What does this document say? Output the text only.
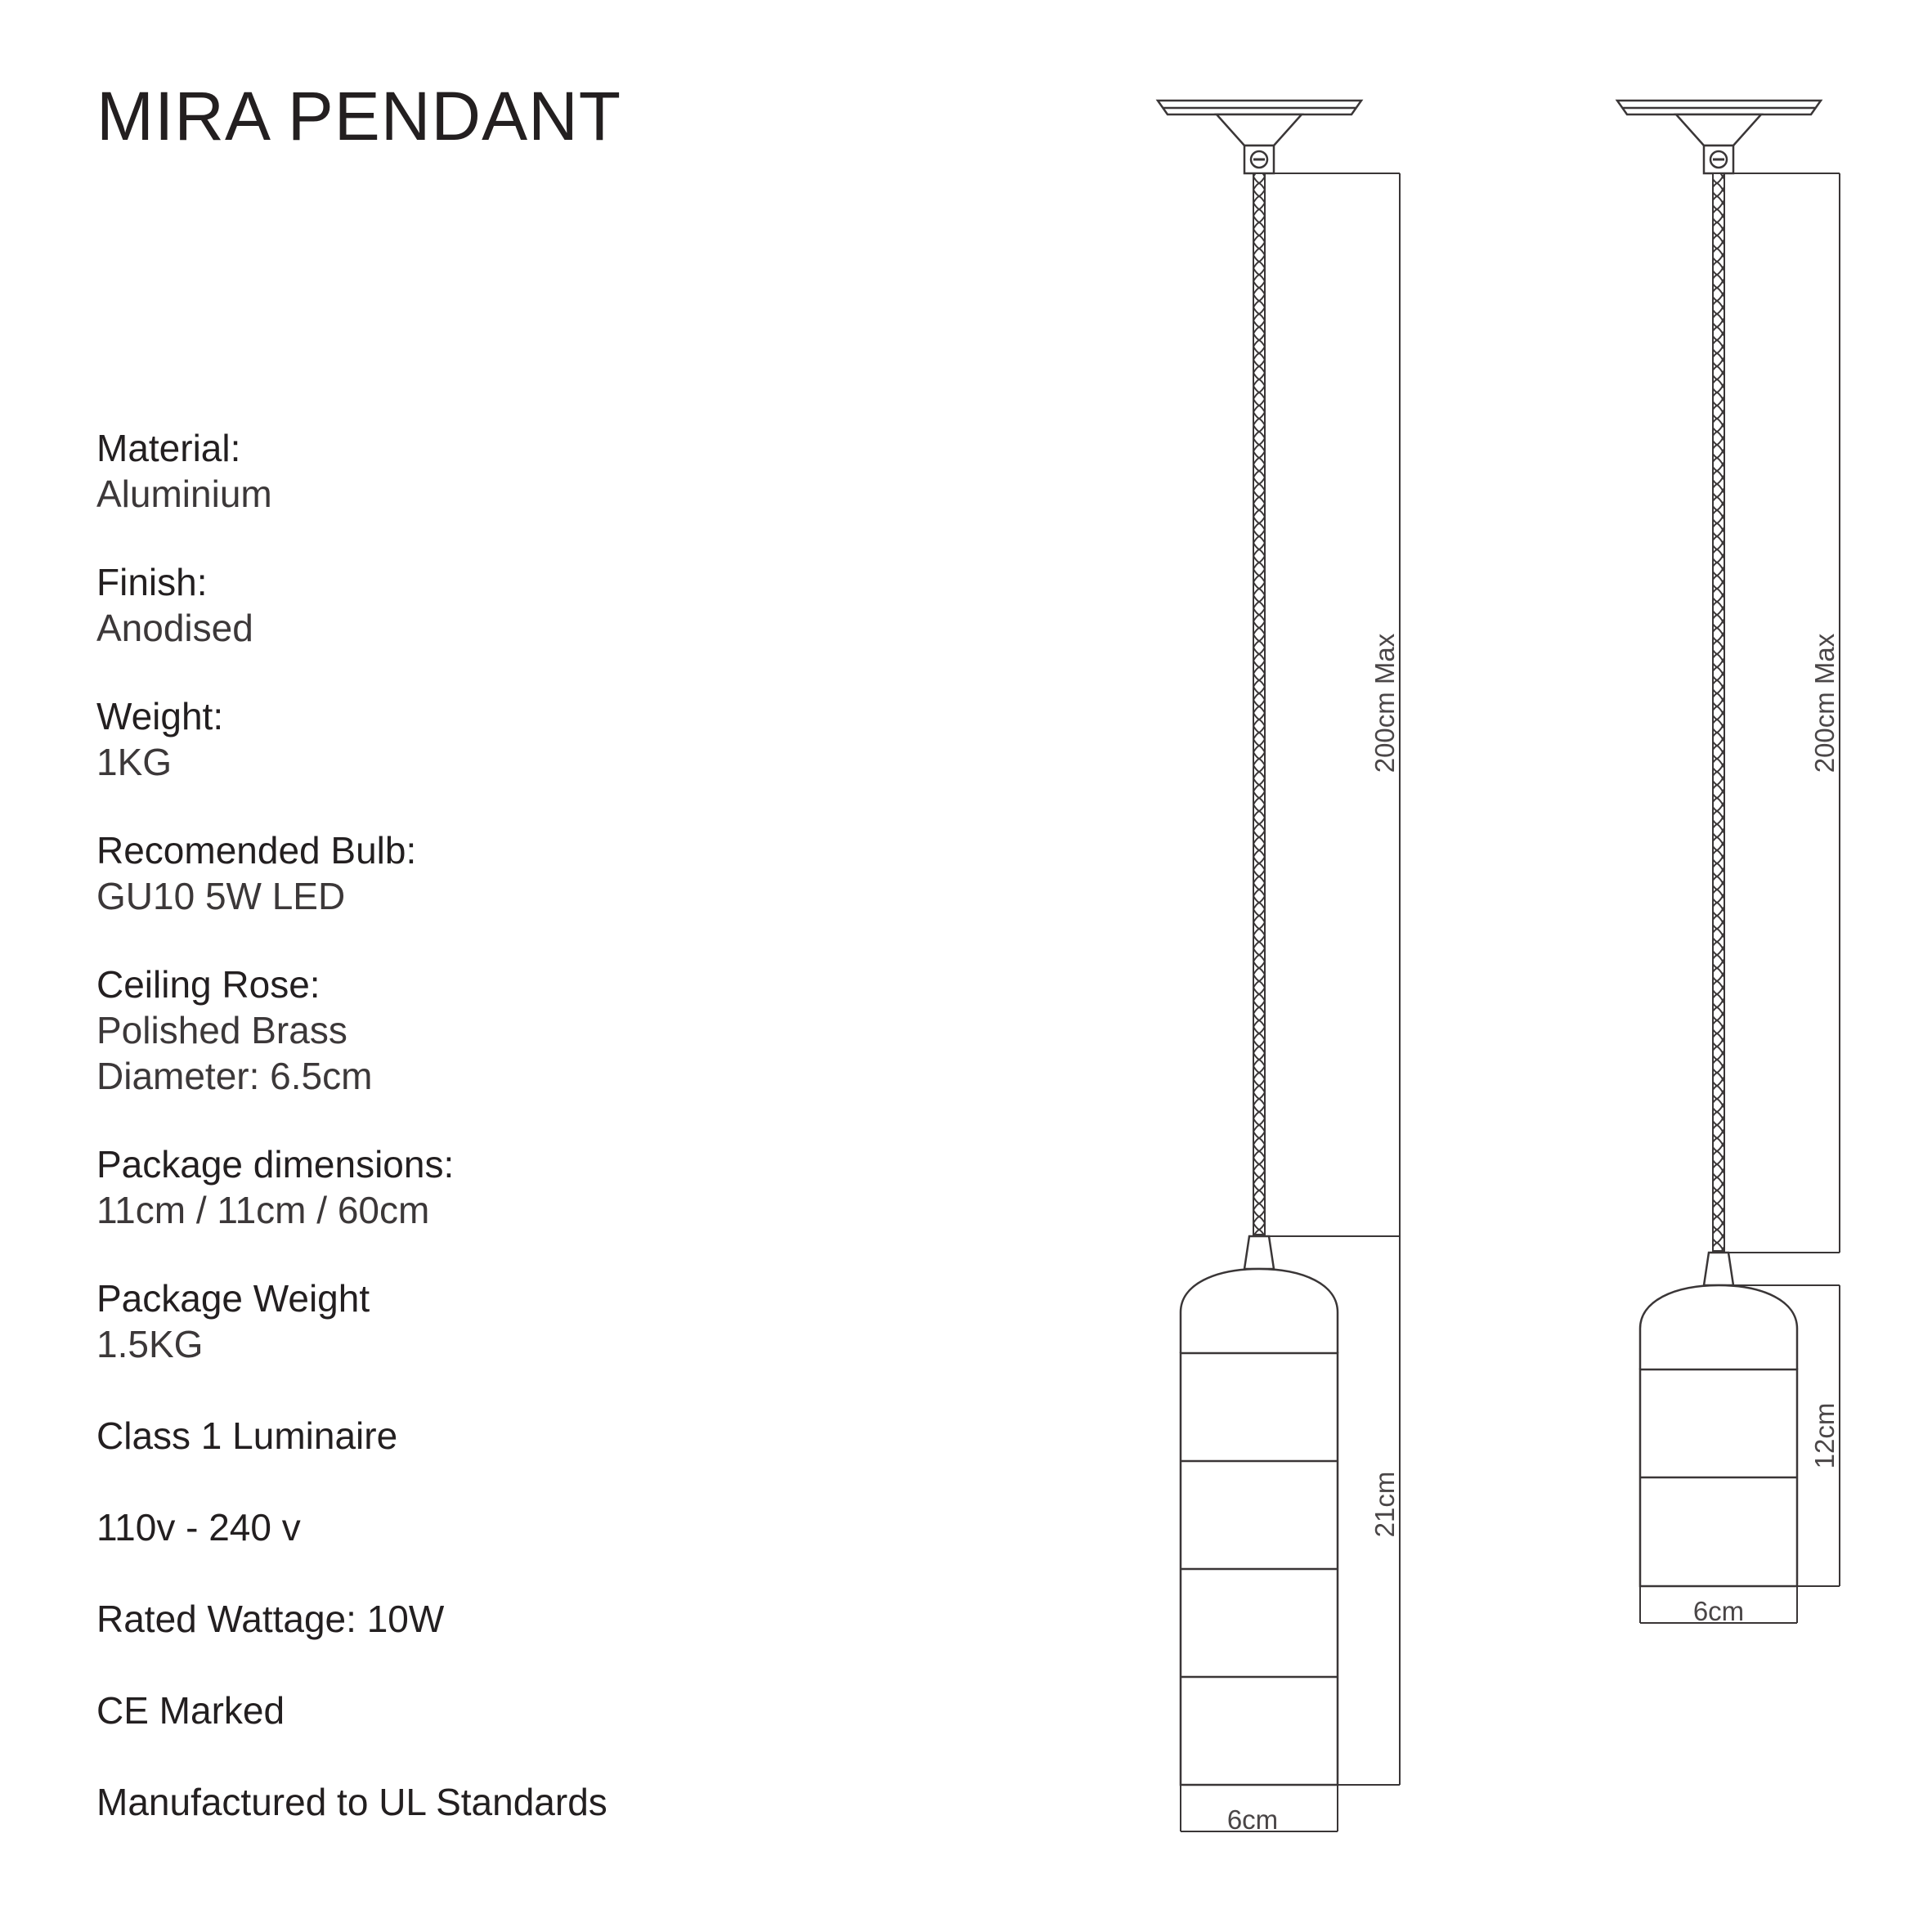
MIRA PENDANT
Material:
Aluminium
Finish:
Anodised
Weight:
1KG
Recomended Bulb:
GU10 5W LED
Ceiling Rose:
Polished Brass
Diameter: 6.5cm
Package dimensions:
11cm / 11cm / 60cm
Package Weight
1.5KG
Class 1 Luminaire
110v - 240 v
Rated Wattage: 10W
CE Marked
Manufactured to UL Standards
200cm Max
21cm
6cm
200cm Max
12cm
6cm
